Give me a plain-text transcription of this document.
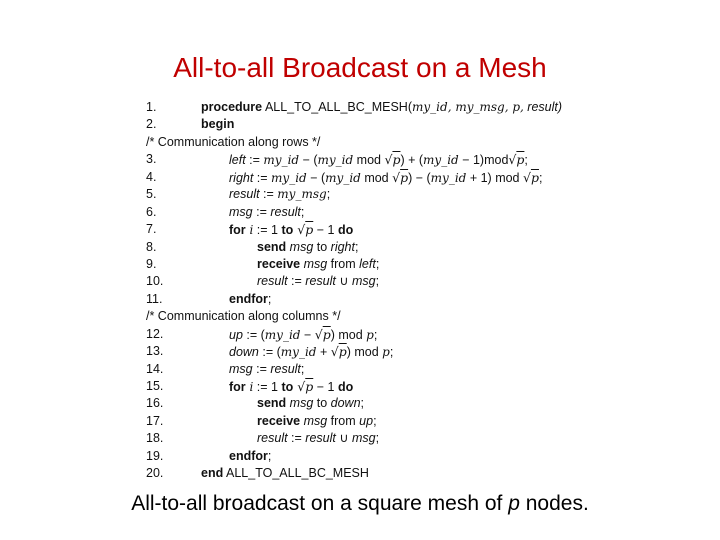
All-to-all Broadcast on a Mesh
1.	procedure ALL_TO_ALL_BC_MESH(my_id, my_msg, p, result)
2.	begin
/* Communication along rows */
3.	left := my_id − (my_id mod √p) + (my_id − 1)mod√p;
4.	right := my_id − (my_id mod √p) − (my_id + 1) mod √p;
5.	result := my_msg;
6.	msg := result;
7.	for i := 1 to √p − 1 do
8.	send msg to right;
9.	receive msg from left;
10.	result := result ∪ msg;
11.	endfor;
/* Communication along columns */
12.	up := (my_id − √p) mod p;
13.	down := (my_id + √p) mod p;
14.	msg := result;
15.	for i := 1 to √p − 1 do
16.	send msg to down;
17.	receive msg from up;
18.	result := result ∪ msg;
19.	endfor;
20.	end ALL_TO_ALL_BC_MESH
All-to-all broadcast on a square mesh of p nodes.
